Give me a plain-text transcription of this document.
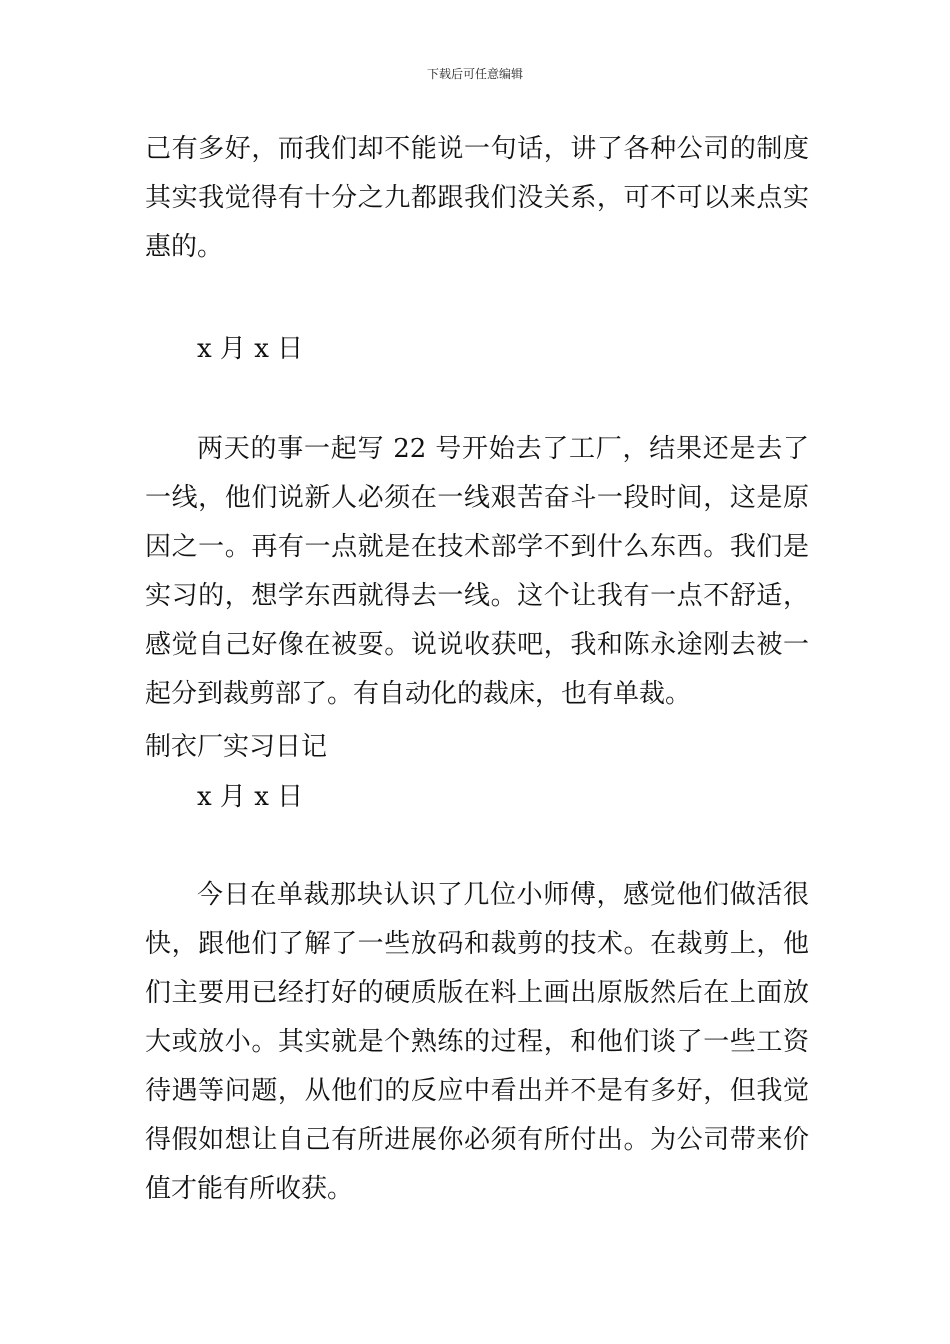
下载后可任意编辑

己有多好，而我们却不能说一句话，讲了各种公司的制度其实我觉得有十分之九都跟我们没关系，可不可以来点实惠的。

x 月 x 日

两天的事一起写 22 号开始去了工厂，结果还是去了一线，他们说新人必须在一线艰苦奋斗一段时间，这是原因之一。再有一点就是在技术部学不到什么东西。我们是实习的，想学东西就得去一线。这个让我有一点不舒适，感觉自己好像在被耍。说说收获吧，我和陈永途刚去被一起分到裁剪部了。有自动化的裁床，也有单裁。

制衣厂实习日记

x 月 x 日

今日在单裁那块认识了几位小师傅，感觉他们做活很快，跟他们了解了一些放码和裁剪的技术。在裁剪上，他们主要用已经打好的硬质版在料上画出原版然后在上面放大或放小。其实就是个熟练的过程，和他们谈了一些工资待遇等问题，从他们的反应中看出并不是有多好，但我觉得假如想让自己有所进展你必须有所付出。为公司带来价值才能有所收获。
